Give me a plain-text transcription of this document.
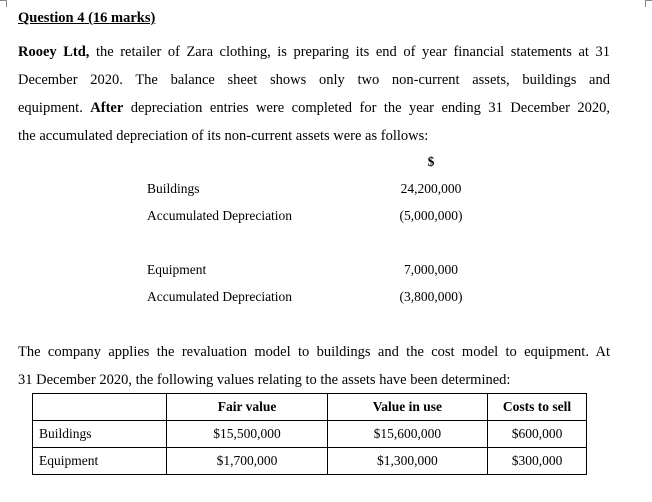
Question 4 (16 marks)
Rooey Ltd, the retailer of Zara clothing, is preparing its end of year financial statements at 31
December 2020. The balance sheet shows only two non-current assets, buildings and
equipment. After depreciation entries were completed for the year ending 31 December 2020,
the accumulated depreciation of its non-current assets were as follows:
$
Buildings	24,200,000
Accumulated Depreciation	(5,000,000)
Equipment	7,000,000
Accumulated Depreciation	(3,800,000)
The company applies the revaluation model to buildings and the cost model to equipment. At
31 December 2020, the following values relating to the assets have been determined:
	Fair value	Value in use	Costs to sell
Buildings	$15,500,000	$15,600,000	$600,000
Equipment	$1,700,000	$1,300,000	$300,000
